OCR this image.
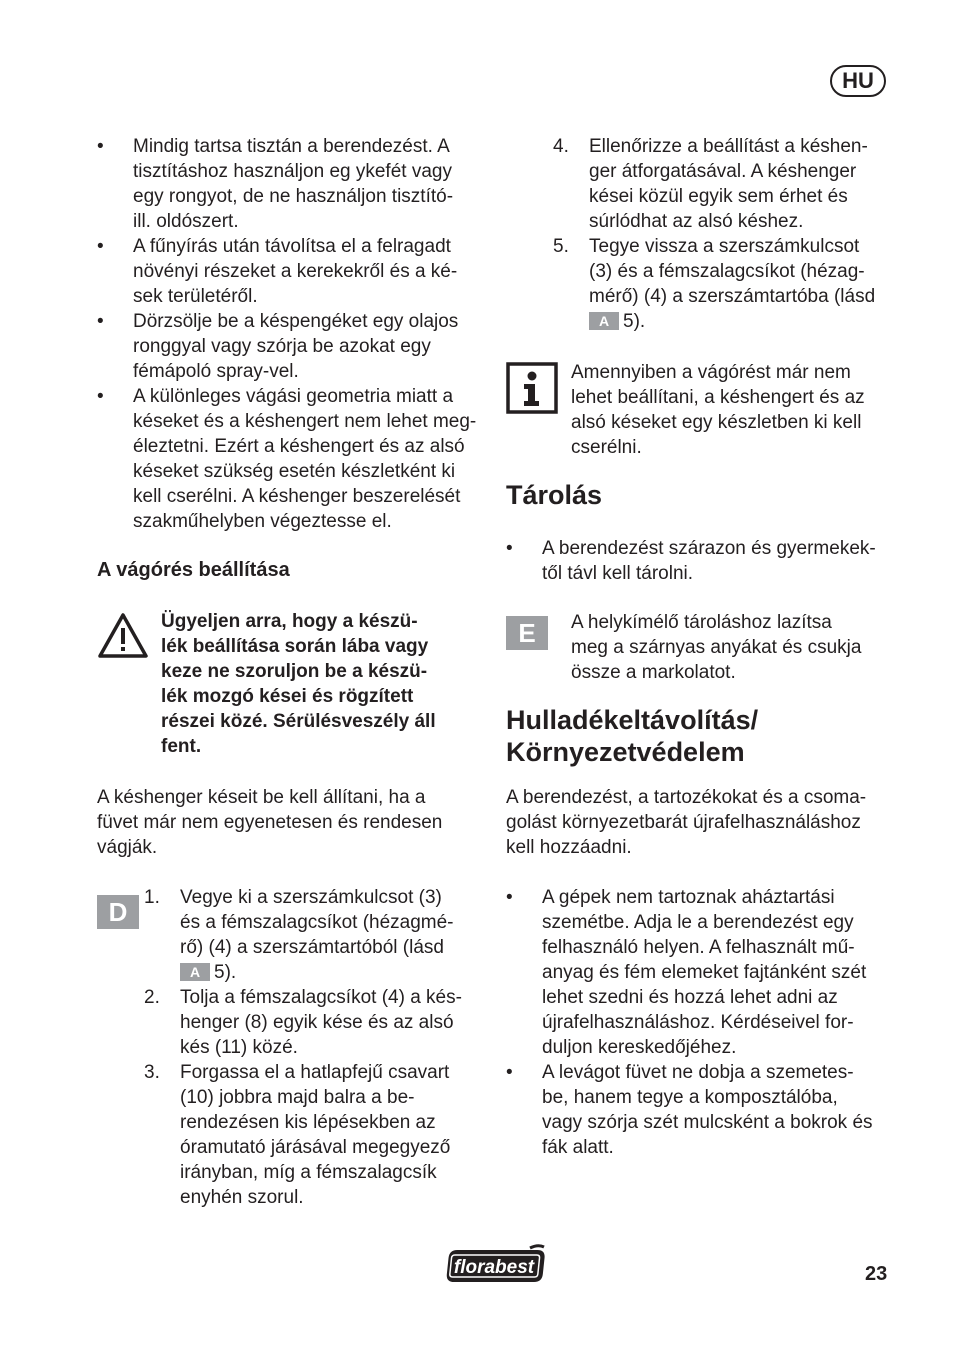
HU
• Mindig tartsa tisztán a berendezést. A
tisztításhoz használjon eg ykefét vagy
egy rongyot, de ne használjon tisztító-
ill. oldószert.
• A fűnyírás után távolítsa el a felragadt
növényi részeket a kerekekről és a ké-
sek területéről.
• Dörzsölje be a késpengéket egy olajos
ronggyal vagy szórja be azokat egy
fémápoló spray-vel.
• A különleges vágási geometria miatt a
késeket és a késhengert nem lehet meg-
éleztetni. Ezért a késhengert és az alsó
késeket szükség esetén készletként ki
kell cserélni. A késhenger beszerelését
szakműhelyben végeztesse el.
A vágórés beállítása
Ügyeljen arra, hogy a készü-
lék beállítása során lába vagy
keze ne szoruljon be a készü-
lék mozgó kései és rögzített
részei közé. Sérülésveszély áll
fent.
A késhenger késeit be kell állítani, ha a
füvet már nem egyenetesen és rendesen
vágják.
D 1. Vegye ki a szerszámkulcsot (3)
és a fémszalagcsíkot (hézagmé-
rő) (4) a szerszámtartóból (lásd
A 5).
2. Tolja a fémszalagcsíkot (4) a kés-
henger (8) egyik kése és az alsó
kés (11) közé.
3. Forgassa el a hatlapfejű csavart
(10) jobbra majd balra a be-
rendezésen kis lépésekben az
óramutató járásával megegyező
irányban, míg a fémszalagcsík
enyhén szorul.
4. Ellenőrizze a beállítást a késhen-
ger átforgatásával. A késhenger
kései közül egyik sem érhet és
súrlódhat az alsó késhez.
5. Tegye vissza a szerszámkulcsot
(3) és a fémszalagcsíkot (hézag-
mérő) (4) a szerszámtartóba (lásd
A 5).
Amennyiben a vágórést már nem
lehet beállítani, a késhengert és az
alsó késeket egy készletben ki kell
cserélni.
Tárolás
• A berendezést szárazon és gyermekek-
től távl kell tárolni.
E	A helykímélő tároláshoz lazítsa
meg a szárnyas anyákat és csukja
össze a markolatot.
Hulladékeltávolítás/
Környezetvédelem
A berendezést, a tartozékokat és a csoma-
golást környezetbarát újrafelhasználáshoz
kell hozzáadni.
• A gépek nem tartoznak aháztartási
szemétbe. Adja le a berendezést egy
felhasználó helyen. A felhasznált mű-
anyag és fém elemeket fajtánként szét
lehet szedni és hozzá lehet adni az
újrafelhasználáshoz. Kérdéseivel for-
duljon kereskedőjéhez.
• A levágot füvet ne dobja a szemetes-
be, hanem tegye a komposztálóba,
vagy szórja szét mulcsként a bokrok és
fák alatt.
florabest	23
